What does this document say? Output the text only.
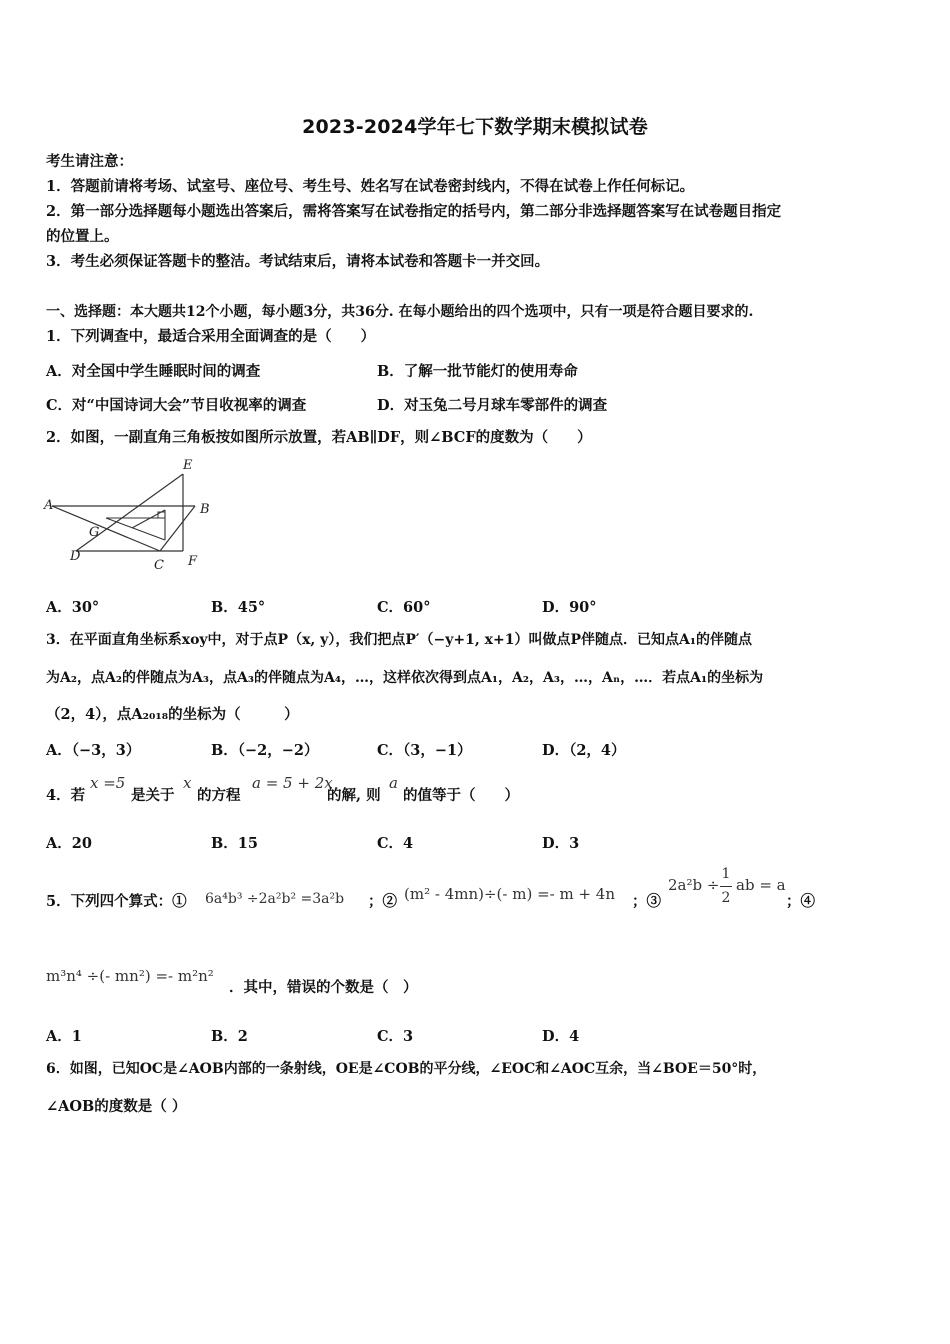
2023-2024学年七下数学期末模拟试卷
考生请注意：
1．答题前请将考场、试室号、座位号、考生号、姓名写在试卷密封线内，不得在试卷上作任何标记。
2．第一部分选择题每小题选出答案后，需将答案写在试卷指定的括号内，第二部分非选择题答案写在试卷题目指定
的位置上。
3．考生必须保证答题卡的整洁。考试结束后，请将本试卷和答题卡一并交回。
一、选择题：本大题共12个小题，每小题3分，共36分. 在每小题给出的四个选项中，只有一项是符合题目要求的.
1．下列调查中，最适合采用全面调查的是（　　）
A．对全国中学生睡眠时间的调查	B．了解一批节能灯的使用寿命
C．对“中国诗词大会”节目收视率的调查	D．对玉兔二号月球车零部件的调查
2．如图，一副直角三角板按如图所示放置，若AB∥DF，则∠BCF的度数为（　　）
A	B
C
D
E
F
G
A．30°	B．45°	C．60°	D．90°
3．在平面直角坐标系xoy中，对于点P（x, y），我们把点P′（−y+1, x+1）叫做点P伴随点．已知点A₁的伴随点
为A₂，点A₂的伴随点为A₃，点A₃的伴随点为A₄，…，这样依次得到点A₁，A₂，A₃，…，Aₙ，…．若点A₁的坐标为
（2，4），点A₂₀₁₈的坐标为（　　　）
A．（−3，3）	B．（−2，−2）	C．（3，−1）	D．（2，4）
4．若
x =5
是关于
x
的方程
a = 5 + 2x
的解, 则
a
的值等于（　　）
A．20	B．15	C．4	D．3
5．下列四个算式：① 6a⁴b³ ÷2a²b² =3a²b ；② (m² - 4mn)÷(- m) =- m + 4n ；③
2a²b ÷
1
2
ab = a
；④
m³n⁴ ÷(- mn²) =- m²n²
．其中，错误的个数是（　）
A．1	B．2	C．3	D．4
6．如图，已知OC是∠AOB内部的一条射线，OE是∠COB的平分线，∠EOC和∠AOC互余，当∠BOE＝50°时，
∠AOB的度数是（ ）
